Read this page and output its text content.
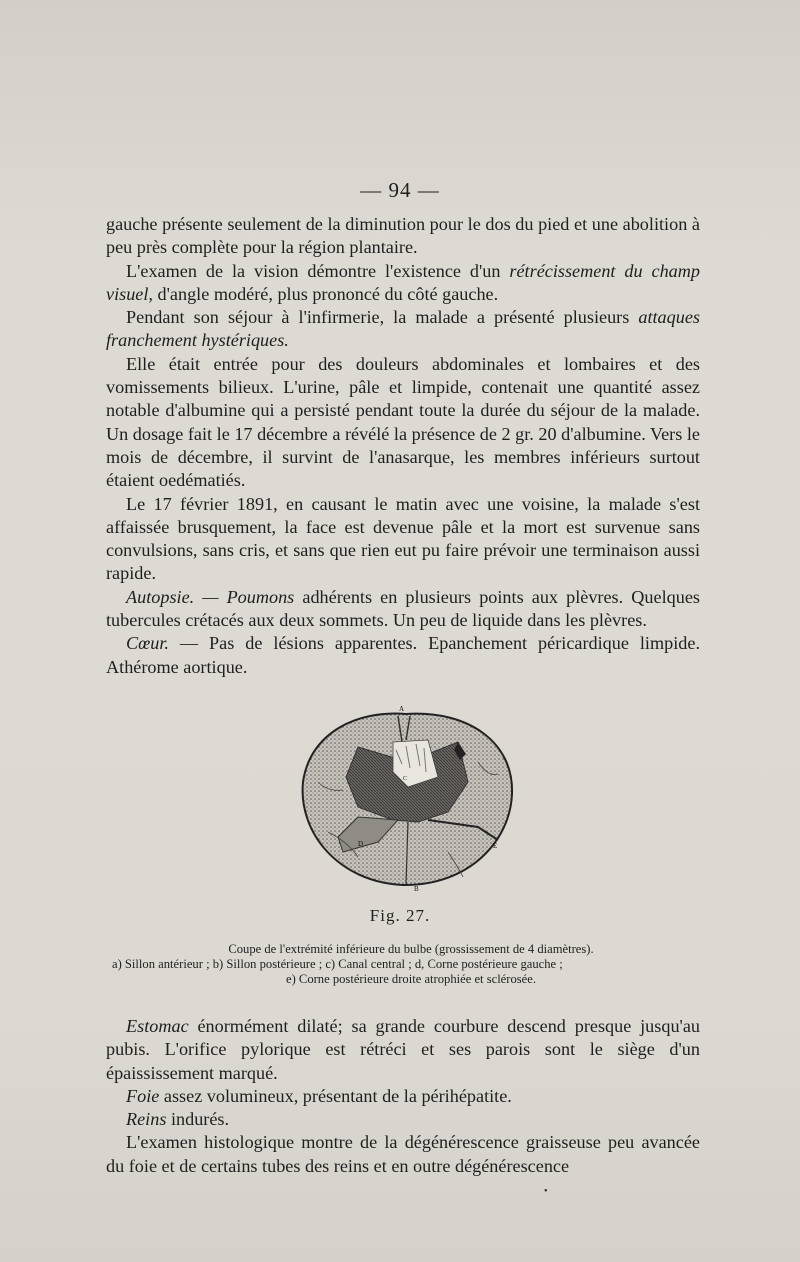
— 94 —

gauche présente seulement de la diminution pour le dos du pied et une abolition à peu près complète pour la région plantaire.

L'examen de la vision démontre l'existence d'un rétrécissement du champ visuel, d'angle modéré, plus prononcé du côté gauche.

Pendant son séjour à l'infirmerie, la malade a présenté plusieurs attaques franchement hystériques.

Elle était entrée pour des douleurs abdominales et lombaires et des vomissements bilieux. L'urine, pâle et limpide, contenait une quantité assez notable d'albumine qui a persisté pendant toute la durée du séjour de la malade. Un dosage fait le 17 décembre a révélé la présence de 2 gr. 20 d'albumine. Vers le mois de décembre, il survint de l'anasarque, les membres inférieurs surtout étaient oedématiés.

Le 17 février 1891, en causant le matin avec une voisine, la malade s'est affaissée brusquement, la face est devenue pâle et la mort est survenue sans convulsions, sans cris, et sans que rien eut pu faire prévoir une terminaison aussi rapide.

Autopsie. — Poumons adhérents en plusieurs points aux plèvres. Quelques tubercules crétacés aux deux sommets. Un peu de liquide dans les plèvres.

Cœur. — Pas de lésions apparentes. Epanchement péricardique limpide. Athérome aortique.

A
B
C
D	E
Fig. 27.

Coupe de l'extrémité inférieure du bulbe (grossissement de 4 diamètres).

a) Sillon antérieur ; b) Sillon postérieure ; c) Canal central ; d, Corne postérieure gauche ;

e) Corne postérieure droite atrophiée et sclérosée.

Estomac énormément dilaté; sa grande courbure descend presque jusqu'au pubis. L'orifice pylorique est rétréci et ses parois sont le siège d'un épaississement marqué.

Foie assez volumineux, présentant de la périhépatite.

Reins indurés.

L'examen histologique montre de la dégénérescence graisseuse peu avancée du foie et de certains tubes des reins et en outre dégénérescence

•
